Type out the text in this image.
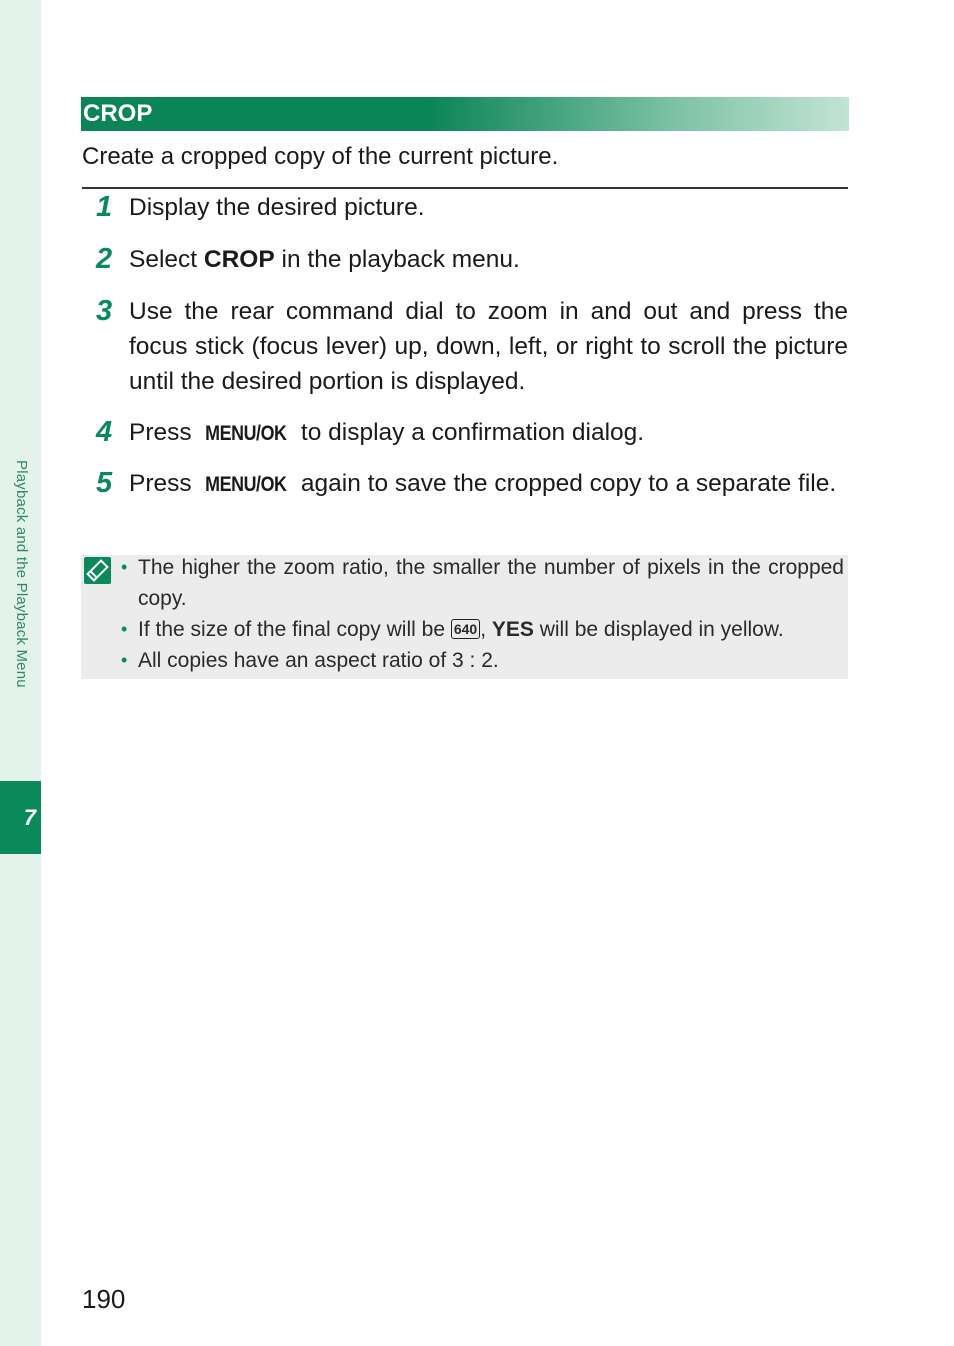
Playback and the Playback Menu
7
CROP
Create a cropped copy of the current picture.
1 Display the desired picture.
2 Select CROP in the playback menu.
3 Use the rear command dial to zoom in and out and press the focus stick (focus lever) up, down, left, or right to scroll the picture until the desired portion is displayed.
4 Press MENU/OK to display a confirmation dialog.
5 Press MENU/OK again to save the cropped copy to a separate file.
• The higher the zoom ratio, the smaller the number of pixels in the cropped copy.
• If the size of the final copy will be 640 , YES will be displayed in yellow.
• All copies have an aspect ratio of 3 : 2.
190
